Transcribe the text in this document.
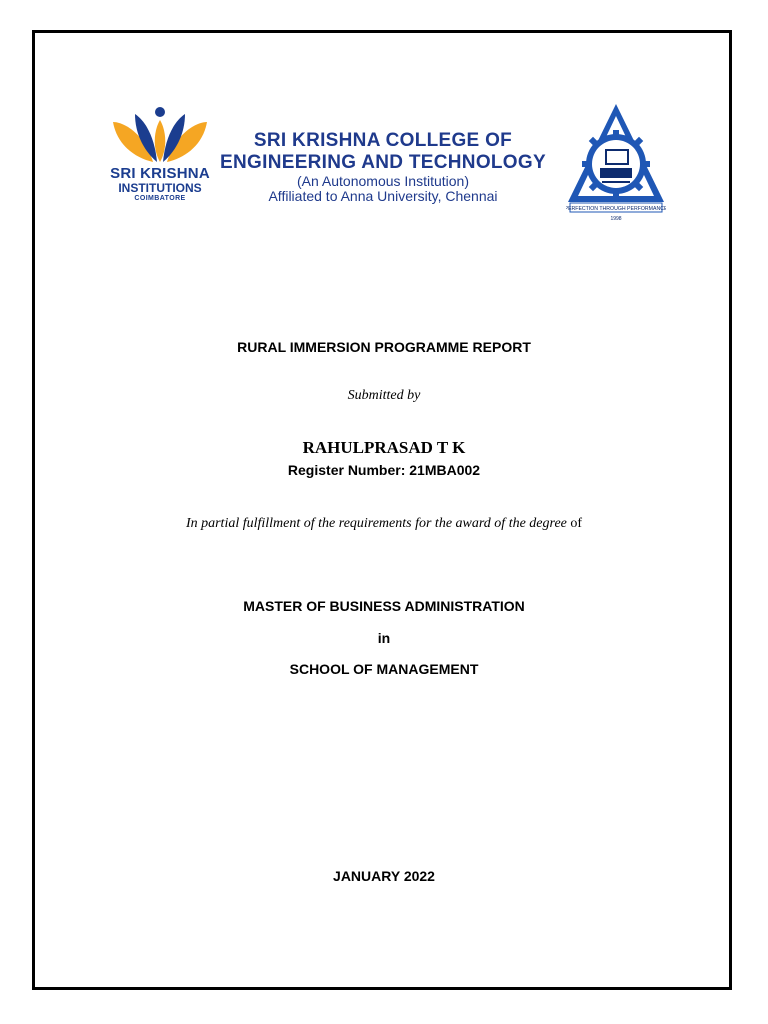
SRI KRISHNA
INSTITUTIONS
COIMBATORE
SRI KRISHNA COLLEGE OF
ENGINEERING AND TECHNOLOGY
(An Autonomous Institution)
Affiliated to Anna University, Chennai
PERFECTION THROUGH PERFORMANCE
1998
RURAL IMMERSION PROGRAMME REPORT
Submitted by
RAHULPRASAD T K
Register Number: 21MBA002
In partial fulfillment of the requirements for the award of the degree of
MASTER OF BUSINESS ADMINISTRATION
in
SCHOOL OF MANAGEMENT
JANUARY 2022
